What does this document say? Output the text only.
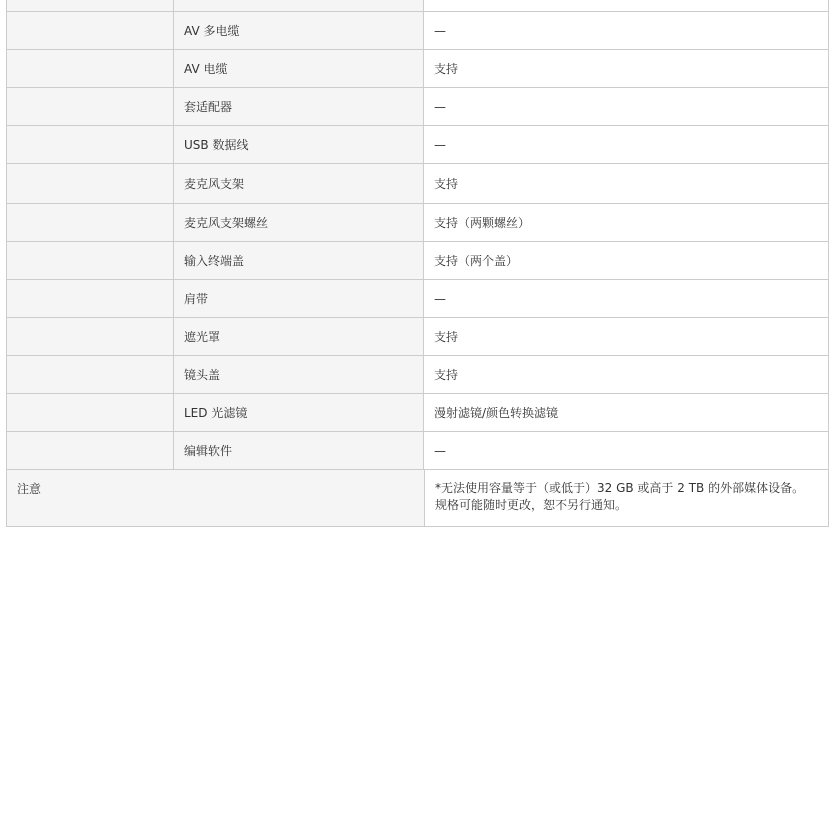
AV 多电缆	—
AV 电缆	支持
套适配器	—
USB 数据线	—
麦克风支架	支持
麦克风支架螺丝	支持（两颗螺丝）
输入终端盖	支持（两个盖）
肩带	—
遮光罩	支持
镜头盖	支持
LED 光滤镜	漫射滤镜/颜色转换滤镜
编辑软件	—
注意	*无法使用容量等于（或低于）32 GB 或高于 2 TB 的外部媒体设备。
规格可能随时更改，恕不另行通知。
